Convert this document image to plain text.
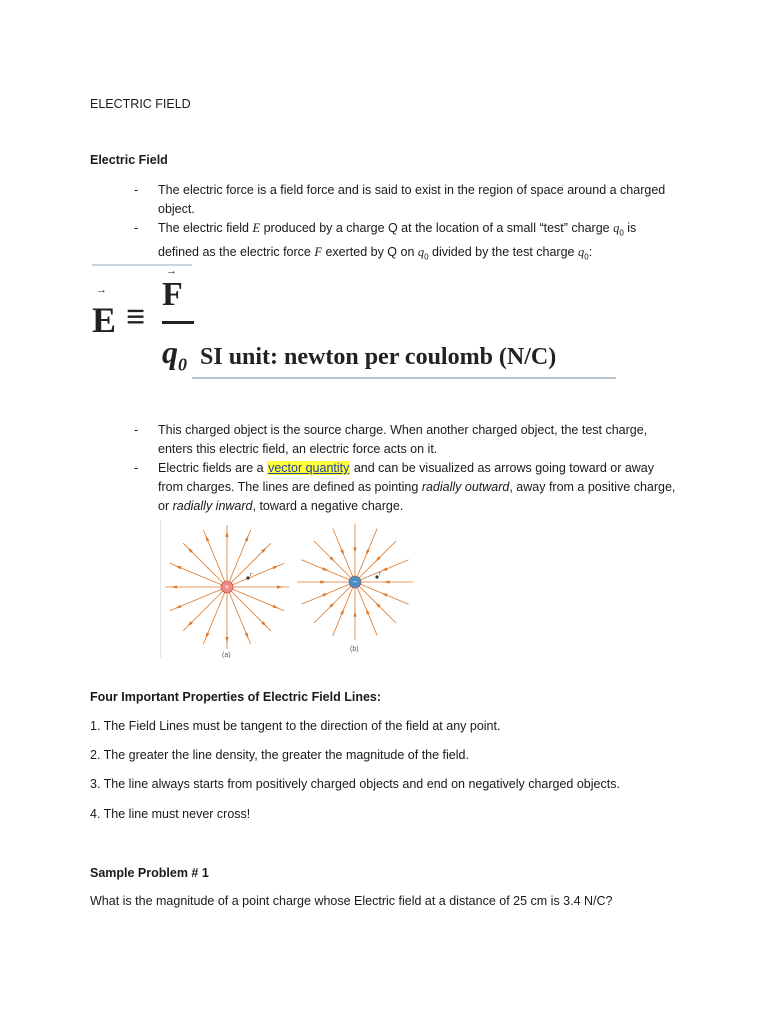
ELECTRIC FIELD
Electric Field
- The electric force is a field force and is said to exist in the region of space around a charged object.
- The electric field E produced by a charge Q at the location of a small “test” charge $q_0$ is defined as the electric force F exerted by Q on $q_0$ divided by the test charge $q_0$:
→
E ≡
→
F
$q_0$ SI unit: newton per coulomb (N/C)
- This charged object is the source charge. When another charged object, the test charge, enters this electric field, an electric force acts on it.
- Electric fields are a vector quantity and can be visualized as arrows going toward or away from charges. The lines are defined as pointing radially outward, away from a positive charge, or radially inward, toward a negative charge.
+
r
−
r
(a)
(b)
Four Important Properties of Electric Field Lines:
1. The Field Lines must be tangent to the direction of the field at any point.
2. The greater the line density, the greater the magnitude of the field.
3. The line always starts from positively charged objects and end on negatively charged objects.
4. The line must never cross!
Sample Problem # 1
What is the magnitude of a point charge whose Electric field at a distance of 25 cm is 3.4 N/C?
